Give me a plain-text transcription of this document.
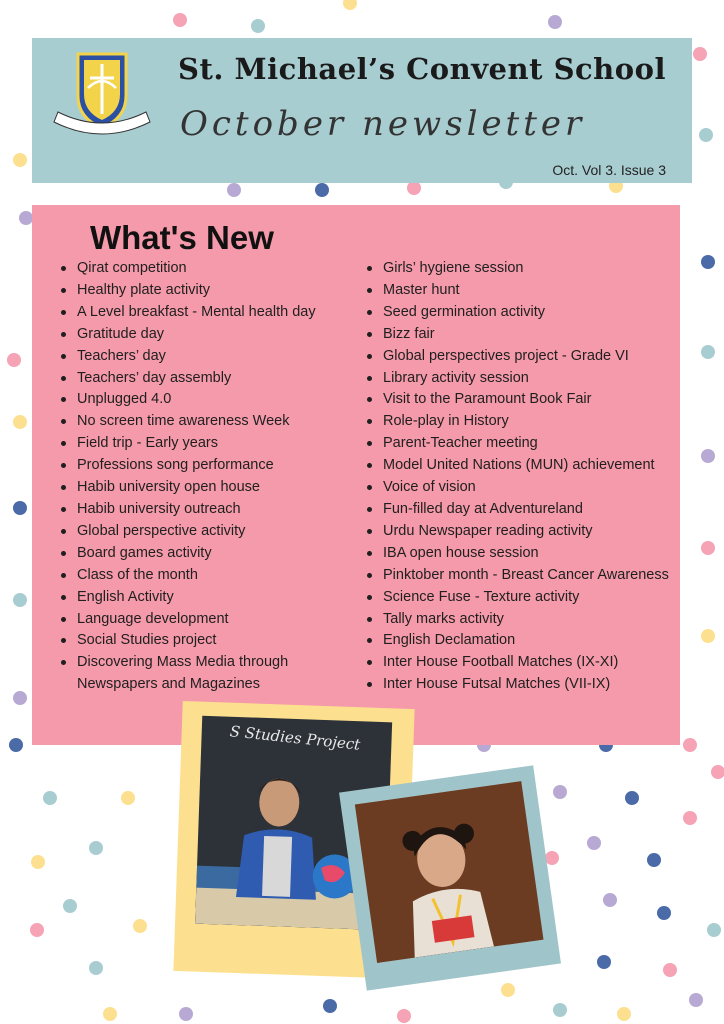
St. Michael’s Convent School
October newsletter
Oct. Vol 3. Issue 3
What's New
Qirat competition
Healthy plate activity
A Level breakfast - Mental health day
Gratitude day
Teachers’ day
Teachers’ day assembly
Unplugged 4.0
No screen time awareness Week
Field trip - Early years
Professions song performance
Habib university open house
Habib university outreach
Global perspective activity
Board games activity
Class of the month
English Activity
Language development
Social Studies project
Discovering Mass Media through Newspapers and Magazines
Girls’ hygiene session
Master hunt
Seed germination activity
Bizz fair
Global perspectives project - Grade VI
Library activity session
Visit to the Paramount Book Fair
Role-play in History
Parent-Teacher meeting
Model United Nations (MUN) achievement
Voice of vision
Fun-filled day at Adventureland
Urdu Newspaper reading activity
IBA open house session
Pinktober month - Breast Cancer Awareness
Science Fuse - Texture activity
Tally marks activity
English Declamation
Inter House Football Matches (IX-XI)
Inter House Futsal Matches (VII-IX)
S Studies Project
